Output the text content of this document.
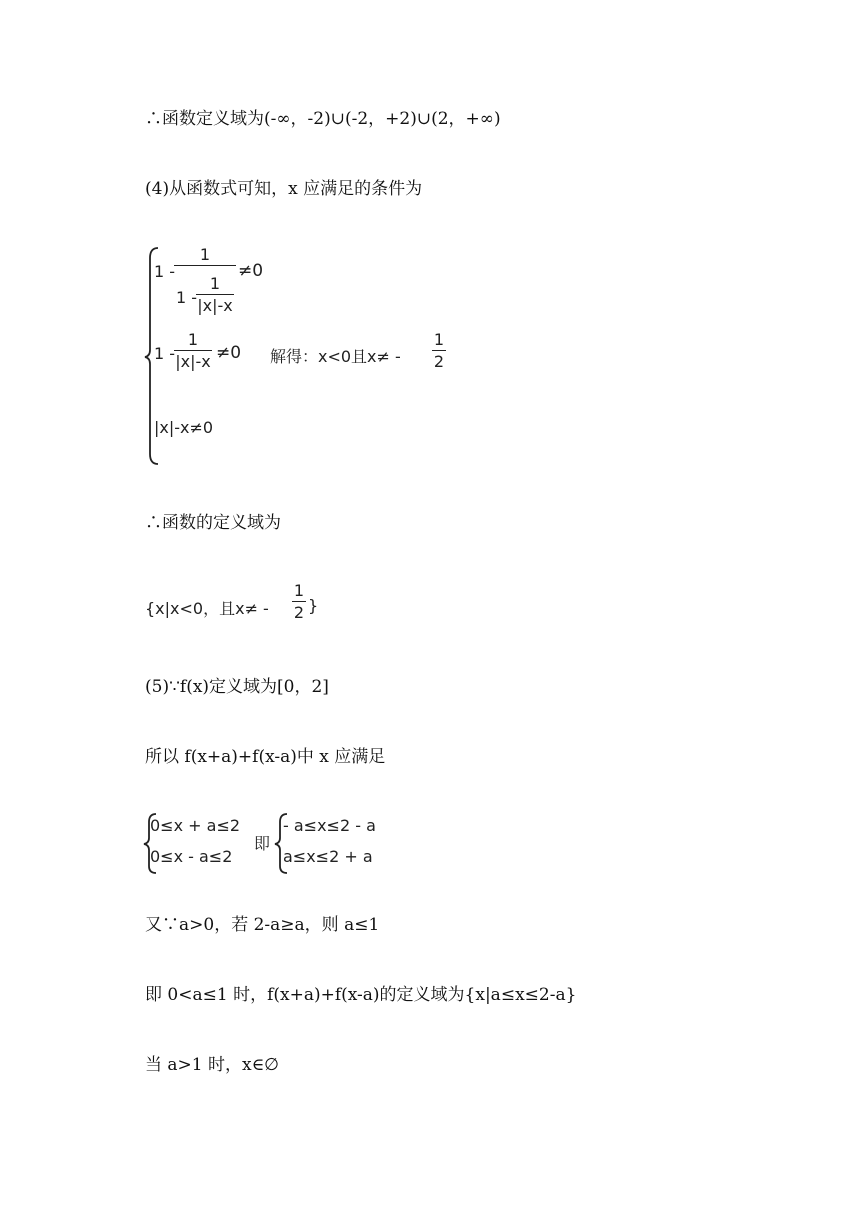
∴函数定义域为(-∞，-2)∪(-2，+2)∪(2，+∞)
(4)从函数式可知，x 应满足的条件为
1 -
1
1 -
1
|x|-x
≠0
1 -
1
|x|-x ≠0 解得：x<0且x≠ -
1
2
|x|-x≠0
∴函数的定义域为
{x|x<0，且x≠ -
1
2 }
(5)∵f(x)定义域为[0，2]
所以 f(x+a)+f(x-a)中 x 应满足
0≤x + a≤2
0≤x - a≤2
即
- a≤x≤2 - a
a≤x≤2 + a
又∵a>0，若 2-a≥a，则 a≤1
即 0<a≤1 时，f(x+a)+f(x-a)的定义域为{x|a≤x≤2-a}
当 a>1 时，x∈∅
